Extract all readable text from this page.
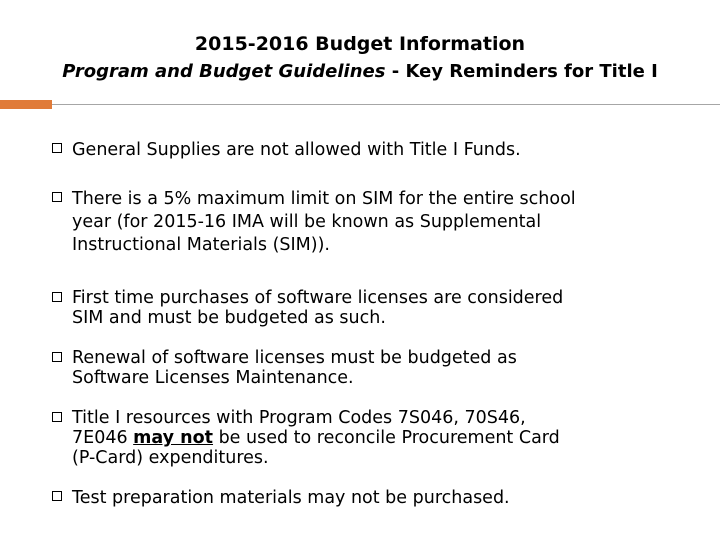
2015-2016 Budget Information
Program and Budget Guidelines - Key Reminders for Title I
General Supplies are not allowed with Title I Funds.
There is a 5% maximum limit on SIM for the entire school
year (for 2015-16 IMA will be known as Supplemental
Instructional Materials (SIM)).
First time purchases of software licenses are considered
SIM and must be budgeted as such.
Renewal of software licenses must be budgeted as
Software Licenses Maintenance.
Title I resources with Program Codes 7S046, 70S46,
7E046 may not be used to reconcile Procurement Card
(P-Card) expenditures.
Test preparation materials may not be purchased.
